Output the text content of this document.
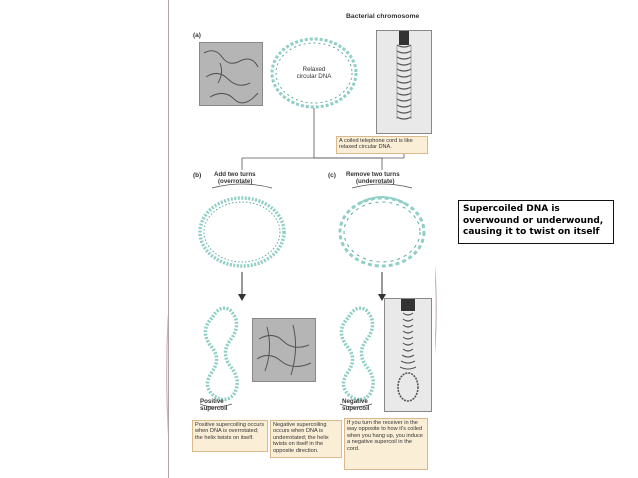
Bacterial chromosome
(a)
Relaxed
circular DNA
A coiled telephone cord is like relaxed circular DNA.
(b) Add two turns
(overrotate)
(c) Remove two turns
(underrotate)
Positive
supercoil
Negative
supercoil
Positive supercoiling occurs when DNA is overrotated; the helix twists on itself.
Negative supercoiling occurs when DNA is underrotated; the helix twists on itself in the opposite direction.
If you turn the receiver in the way opposite to how it's coiled when you hang up, you induce a negative supercoil in the cord.
Supercoiled DNA is
overwound or underwound,
causing it to twist on itself
